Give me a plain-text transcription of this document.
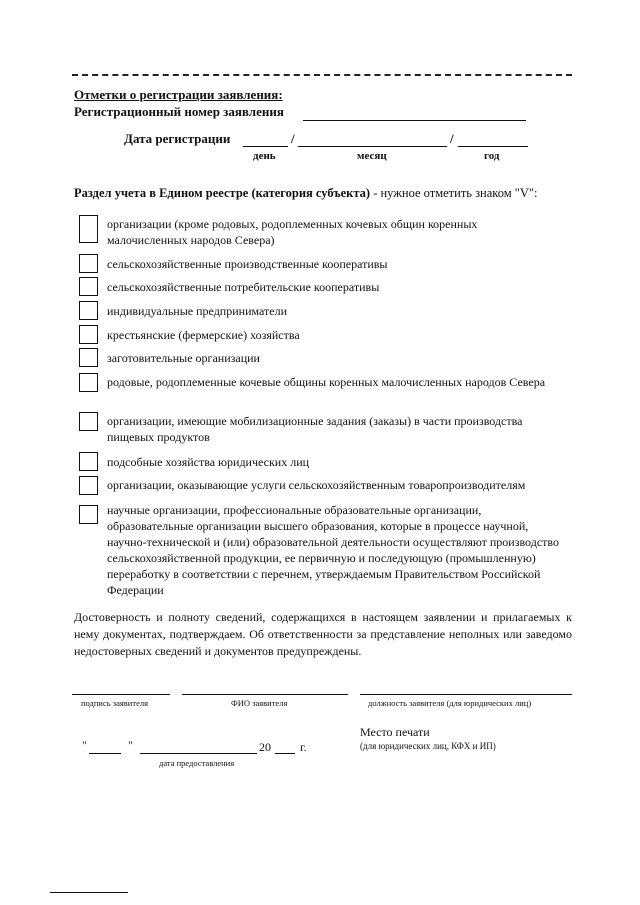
Отметки о регистрации заявления:
Регистрационный номер заявления
Дата регистрации	/	/
день	месяц	год
Раздел учета в Едином реестре (категория субъекта) - нужное отметить знаком "V":
организации (кроме родовых, родоплеменных кочевых общин коренных малочисленных народов Севера)
сельскохозяйственные производственные кооперативы
сельскохозяйственные потребительские кооперативы
индивидуальные предприниматели
крестьянские (фермерские) хозяйства
заготовительные организации
родовые, родоплеменные кочевые общины коренных малочисленных народов Севера
организации, имеющие мобилизационные задания (заказы) в части производства пищевых продуктов
подсобные хозяйства юридических лиц
организации, оказывающие услуги сельскохозяйственным товаропроизводителям
научные организации, профессиональные образовательные организации, образовательные организации высшего образования, которые в процессе научной, научно-технической и (или) образовательной деятельности осуществляют производство сельскохозяйственной продукции, ее первичную и последующую (промышленную) переработку в соответствии с перечнем, утверждаемым Правительством Российской Федерации
Достоверность и полноту сведений, содержащихся в настоящем заявлении и прилагаемых к нему документах, подтверждаем. Об ответственности за представление неполных или заведомо недостоверных сведений и документов предупреждены.
подпись заявителя	ФИО заявителя	должность заявителя (для юридических лиц)
Место печати
(для юридических лиц, КФХ и ИП)
"	"	20 г.
дата предоставления
